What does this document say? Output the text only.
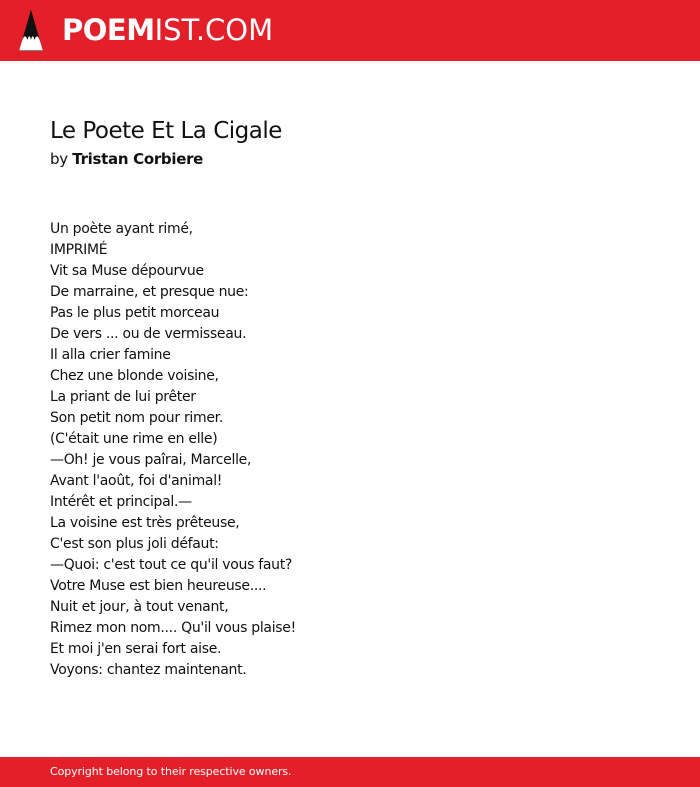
POEMIST.COM
Le Poete Et La Cigale
by Tristan Corbiere
Un poète ayant rimé,
IMPRIMÉ
Vit sa Muse dépourvue
De marraine, et presque nue:
Pas le plus petit morceau
De vers ... ou de vermisseau.
Il alla crier famine
Chez une blonde voisine,
La priant de lui prêter
Son petit nom pour rimer.
(C'était une rime en elle)
—Oh! je vous paîrai, Marcelle,
Avant l'août, foi d'animal!
Intérêt et principal.—
La voisine est très prêteuse,
C'est son plus joli défaut:
—Quoi: c'est tout ce qu'il vous faut?
Votre Muse est bien heureuse....
Nuit et jour, à tout venant,
Rimez mon nom.... Qu'il vous plaise!
Et moi j'en serai fort aise.
Voyons: chantez maintenant.
Copyright belong to their respective owners.
